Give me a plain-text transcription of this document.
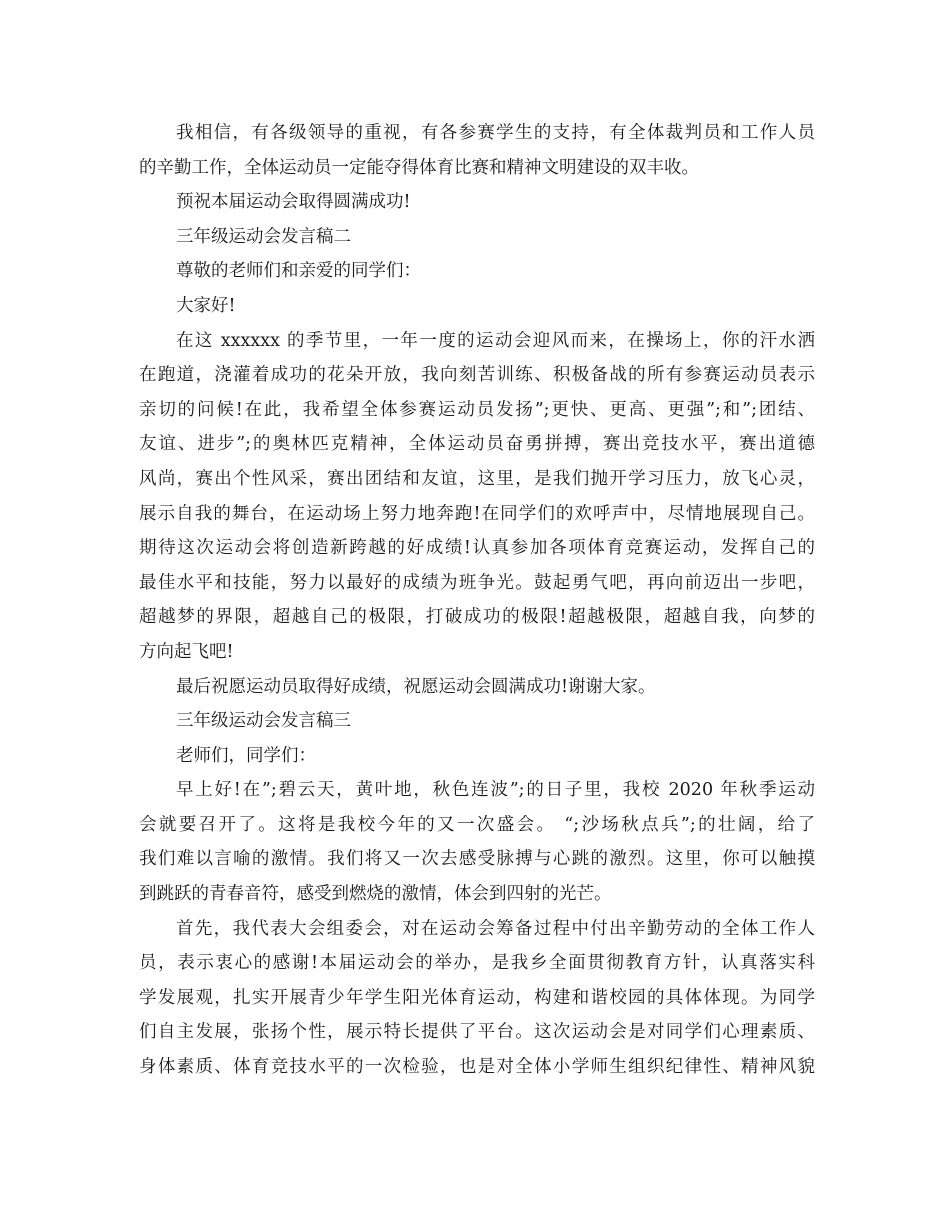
我相信，有各级领导的重视，有各参赛学生的支持，有全体裁判员和工作人员
的辛勤工作，全体运动员一定能夺得体育比赛和精神文明建设的双丰收。
预祝本届运动会取得圆满成功!
三年级运动会发言稿二
尊敬的老师们和亲爱的同学们：
大家好!
在这 xxxxxx 的季节里，一年一度的运动会迎风而来，在操场上，你的汗水洒
在跑道，浇灌着成功的花朵开放，我向刻苦训练、积极备战的所有参赛运动员表示
亲切的问候!在此，我希望全体参赛运动员发扬”;更快、更高、更强”;和”;团结、
友谊、进步”;的奥林匹克精神，全体运动员奋勇拼搏，赛出竞技水平，赛出道德
风尚，赛出个性风采，赛出团结和友谊，这里，是我们抛开学习压力，放飞心灵，
展示自我的舞台，在运动场上努力地奔跑!在同学们的欢呼声中，尽情地展现自己。
期待这次运动会将创造新跨越的好成绩!认真参加各项体育竞赛运动，发挥自己的
最佳水平和技能，努力以最好的成绩为班争光。鼓起勇气吧，再向前迈出一步吧，
超越梦的界限，超越自己的极限，打破成功的极限!超越极限，超越自我，向梦的
方向起飞吧!
最后祝愿运动员取得好成绩，祝愿运动会圆满成功!谢谢大家。
三年级运动会发言稿三
老师们，同学们：
早上好!在”;碧云天，黄叶地，秋色连波”;的日子里，我校 2020 年秋季运动
会就要召开了。这将是我校今年的又一次盛会。 “;沙场秋点兵”;的壮阔，给了
我们难以言喻的激情。我们将又一次去感受脉搏与心跳的激烈。这里，你可以触摸
到跳跃的青春音符，感受到燃烧的激情，体会到四射的光芒。
首先，我代表大会组委会，对在运动会筹备过程中付出辛勤劳动的全体工作人
员，表示衷心的感谢!本届运动会的举办，是我乡全面贯彻教育方针，认真落实科
学发展观，扎实开展青少年学生阳光体育运动，构建和谐校园的具体体现。为同学
们自主发展，张扬个性，展示特长提供了平台。这次运动会是对同学们心理素质、
身体素质、体育竞技水平的一次检验，也是对全体小学师生组织纪律性、精神风貌
